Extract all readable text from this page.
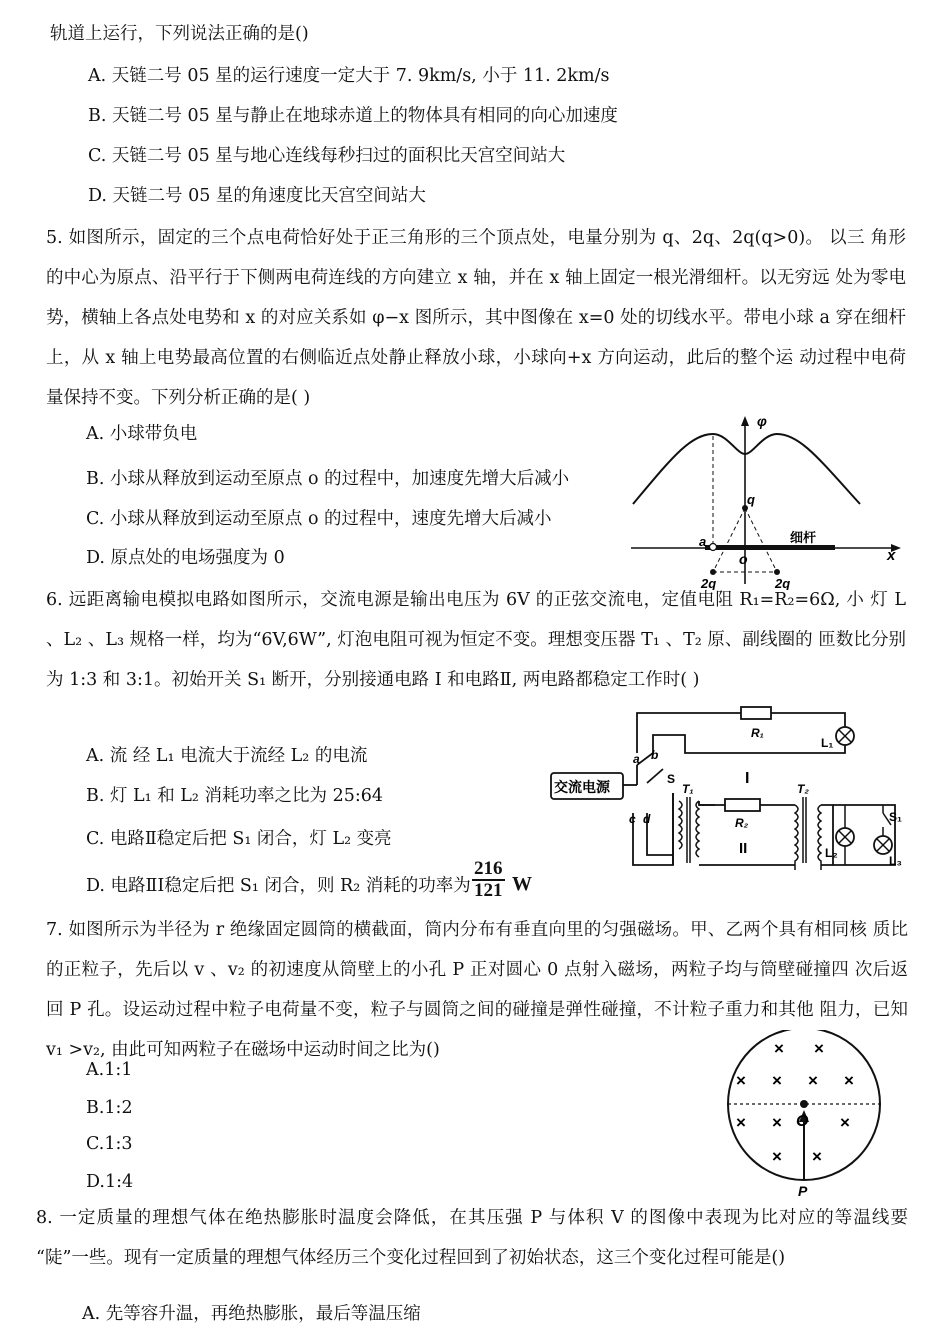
轨道上运行，下列说法正确的是()
A. 天链二号 05 星的运行速度一定大于 7. 9km/s, 小于 11. 2km/s
B. 天链二号 05 星与静止在地球赤道上的物体具有相同的向心加速度
C. 天链二号 05 星与地心连线每秒扫过的面积比天宫空间站大
D. 天链二号 05 星的角速度比天宫空间站大
5. 如图所示，固定的三个点电荷恰好处于正三角形的三个顶点处，电量分别为 q、2q、2q(q>0)。 以三 角形的中心为原点、沿平行于下侧两电荷连线的方向建立 x 轴，并在 x 轴上固定一根光滑细杆。以无穷远 处为零电势，横轴上各点处电势和 x 的对应关系如 φ−x 图所示，其中图像在 x=0 处的切线水平。带电小球 a 穿在细杆上，从 x 轴上电势最高位置的右侧临近点处静止释放小球，小球向+x 方向运动，此后的整个运 动过程中电荷量保持不变。下列分析正确的是( )
A. 小球带负电
B. 小球从释放到运动至原点 o 的过程中，加速度先增大后减小
C. 小球从释放到运动至原点 o 的过程中，速度先增大后减小
D. 原点处的电场强度为 0
φ
x
o
a	细杆
q
2q	2q
6. 远距离输电模拟电路如图所示，交流电源是输出电压为 6V 的正弦交流电，定值电阻 R₁=R₂=6Ω, 小 灯 L 、L₂ 、L₃ 规格一样，均为“6V,6W”, 灯泡电阻可视为恒定不变。理想变压器 T₁ 、T₂ 原、副线圈的 匝数比分别为 1:3 和 3:1。初始开关 S₁ 断开，分别接通电路 I 和电路Ⅱ, 两电路都稳定工作时( )
A. 流 经 L₁ 电流大于流经 L₂ 的电流
B. 灯 L₁ 和 L₂ 消耗功率之比为 25:64
C. 电路Ⅱ稳定后把 S₁ 闭合，灯 L₂ 变亮
D. 电路ⅡⅠ稳定后把 S₁ 闭合，则 R₂ 消耗的功率为 $\frac{216}{121}$ W
交流电源
R₁
L₁
I
a b
S
c d
T₁
R₂
II
T₂
L₂
L₃
S₁
7. 如图所示为半径为 r 绝缘固定圆筒的横截面，筒内分布有垂直向里的匀强磁场。甲、乙两个具有相同核 质比的正粒子，先后以 v 、v₂ 的初速度从筒壁上的小孔 P 正对圆心 0 点射入磁场，两粒子均与筒壁碰撞四 次后返回 P 孔。设运动过程中粒子电荷量不变，粒子与圆筒之间的碰撞是弹性碰撞，不计粒子重力和其他 阻力，已知 v₁ >v₂, 由此可知两粒子在磁场中运动时间之比为()
A.1:1
B.1:2
C.1:3
D.1:4
× ×
× × × ×
× ×	×
× ×
O
P
8. 一定质量的理想气体在绝热膨胀时温度会降低，在其压强 P 与体积 V 的图像中表现为比对应的等温线要 “陡”一些。现有一定质量的理想气体经历三个变化过程回到了初始状态，这三个变化过程可能是()
A. 先等容升温，再绝热膨胀，最后等温压缩
